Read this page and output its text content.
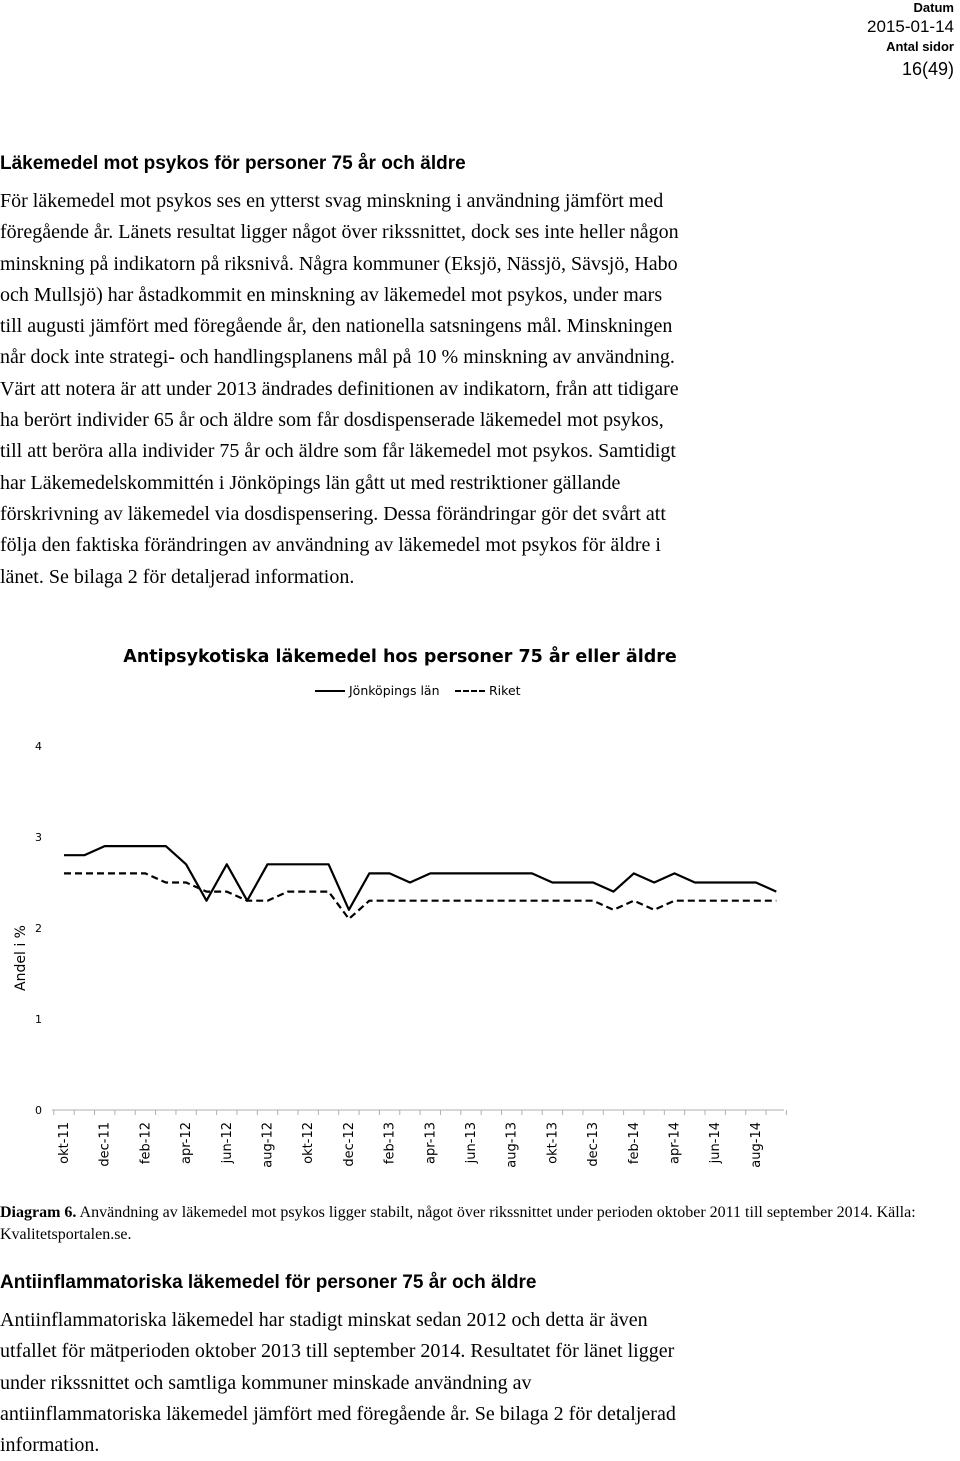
Datum
2015-01-14
Antal sidor
16(49)
Läkemedel mot psykos för personer 75 år och äldre
För läkemedel mot psykos ses en ytterst svag minskning i användning jämfört med
föregående år. Länets resultat ligger något över rikssnittet, dock ses inte heller någon
minskning på indikatorn på riksnivå. Några kommuner (Eksjö, Nässjö, Sävsjö, Habo
och Mullsjö) har åstadkommit en minskning av läkemedel mot psykos, under mars
till augusti jämfört med föregående år, den nationella satsningens mål. Minskningen
når dock inte strategi- och handlingsplanens mål på 10 % minskning av användning.
Värt att notera är att under 2013 ändrades definitionen av indikatorn, från att tidigare
ha berört individer 65 år och äldre som får dosdispenserade läkemedel mot psykos,
till att beröra alla individer 75 år och äldre som får läkemedel mot psykos. Samtidigt
har Läkemedelskommittén i Jönköpings län gått ut med restriktioner gällande
förskrivning av läkemedel via dosdispensering. Dessa förändringar gör det svårt att
följa den faktiska förändringen av användning av läkemedel mot psykos för äldre i
länet. Se bilaga 2 för detaljerad information.
Antipsykotiska läkemedel hos personer 75 år eller äldre
Jönköpings län	Riket
0
1
2
3
4
Andel i %
okt-11 dec-11 feb-12 apr-12 jun-12 aug-12 okt-12 dec-12 feb-13 apr-13 jun-13 aug-13 okt-13 dec-13 feb-14 apr-14 jun-14 aug-14

Diagram 6. Användning av läkemedel mot psykos ligger stabilt, något över rikssnittet under perioden oktober 2011 till september 2014. Källa: Kvalitetsportalen.se.

Antiinflammatoriska läkemedel för personer 75 år och äldre
Antiinflammatoriska läkemedel har stadigt minskat sedan 2012 och detta är även
utfallet för mätperioden oktober 2013 till september 2014. Resultatet för länet ligger
under rikssnittet och samtliga kommuner minskade användning av
antiinflammatoriska läkemedel jämfört med föregående år. Se bilaga 2 för detaljerad
information.
